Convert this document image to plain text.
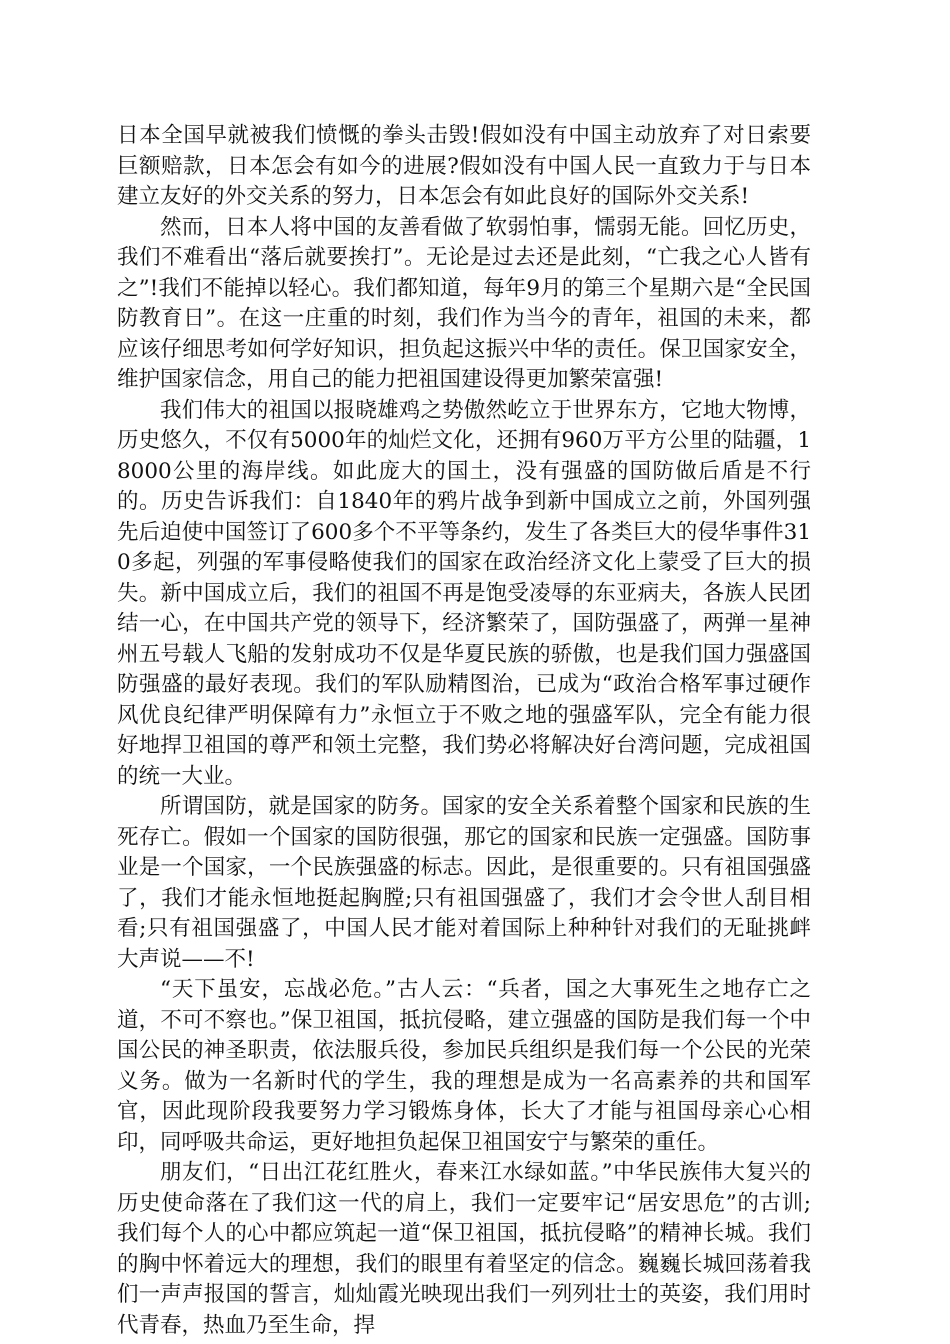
日本全国早就被我们愤慨的拳头击毁!假如没有中国主动放弃了对日索要巨额赔款，日本怎会有如今的进展?假如没有中国人民一直致力于与日本建立友好的外交关系的努力，日本怎会有如此良好的国际外交关系!

然而，日本人将中国的友善看做了软弱怕事，懦弱无能。回忆历史，我们不难看出“落后就要挨打”。无论是过去还是此刻，“亡我之心人皆有之”!我们不能掉以轻心。我们都知道，每年9月的第三个星期六是“全民国防教育日”。在这一庄重的时刻，我们作为当今的青年，祖国的未来，都应该仔细思考如何学好知识，担负起这振兴中华的责任。保卫国家安全，维护国家信念，用自己的能力把祖国建设得更加繁荣富强!

我们伟大的祖国以报晓雄鸡之势傲然屹立于世界东方，它地大物博，历史悠久，不仅有5000年的灿烂文化，还拥有960万平方公里的陆疆，18000公里的海岸线。如此庞大的国土，没有强盛的国防做后盾是不行的。历史告诉我们：自1840年的鸦片战争到新中国成立之前，外国列强先后迫使中国签订了600多个不平等条约，发生了各类巨大的侵华事件310多起，列强的军事侵略使我们的国家在政治经济文化上蒙受了巨大的损失。新中国成立后，我们的祖国不再是饱受凌辱的东亚病夫，各族人民团结一心，在中国共产党的领导下，经济繁荣了，国防强盛了，两弹一星神州五号载人飞船的发射成功不仅是华夏民族的骄傲，也是我们国力强盛国防强盛的最好表现。我们的军队励精图治，已成为“政治合格军事过硬作风优良纪律严明保障有力”永恒立于不败之地的强盛军队，完全有能力很好地捍卫祖国的尊严和领土完整，我们势必将解决好台湾问题，完成祖国的统一大业。

所谓国防，就是国家的防务。国家的安全关系着整个国家和民族的生死存亡。假如一个国家的国防很强，那它的国家和民族一定强盛。国防事业是一个国家，一个民族强盛的标志。因此，是很重要的。只有祖国强盛了，我们才能永恒地挺起胸膛;只有祖国强盛了，我们才会令世人刮目相看;只有祖国强盛了，中国人民才能对着国际上种种针对我们的无耻挑衅大声说——不!

“天下虽安，忘战必危。”古人云：“兵者，国之大事死生之地存亡之道，不可不察也。”保卫祖国，抵抗侵略，建立强盛的国防是我们每一个中国公民的神圣职责，依法服兵役，参加民兵组织是我们每一个公民的光荣义务。做为一名新时代的学生，我的理想是成为一名高素养的共和国军官，因此现阶段我要努力学习锻炼身体，长大了才能与祖国母亲心心相印，同呼吸共命运，更好地担负起保卫祖国安宁与繁荣的重任。

朋友们，“日出江花红胜火，春来江水绿如蓝。”中华民族伟大复兴的历史使命落在了我们这一代的肩上，我们一定要牢记“居安思危”的古训;我们每个人的心中都应筑起一道“保卫祖国，抵抗侵略”的精神长城。我们的胸中怀着远大的理想，我们的眼里有着坚定的信念。巍巍长城回荡着我们一声声报国的誓言，灿灿霞光映现出我们一列列壮士的英姿，我们用时代青春，热血乃至生命，捍
